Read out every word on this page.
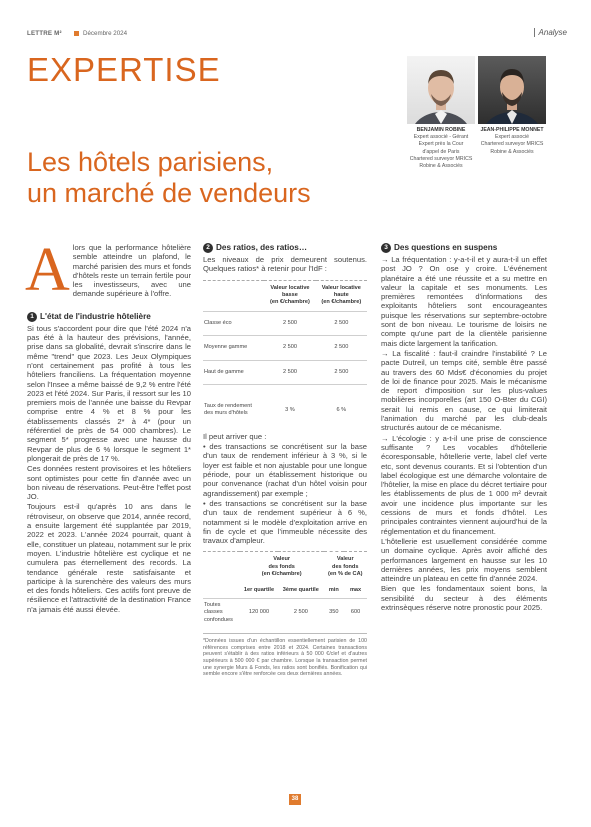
LETTRE M²	Décembre 2024	Analyse
EXPERTISE
Les hôtels parisiens,
un marché de vendeurs
BENJAMIN ROBINE
Expert associé - Gérant
Expert près la Cour
d'appel de Paris
Chartered surveyor MRICS
Robine & Associés
JEAN-PHILIPPE MONNET
Expert associé
Chartered surveyor MRICS
Robine & Associés

Alors que la performance hôtelière semble atteindre un plafond, le marché parisien des murs et fonds d'hôtels reste un terrain fertile pour les investisseurs, avec une demande supérieure à l'offre.

1 L'état de l'industrie hôtelière

Si tous s'accordent pour dire que l'été 2024 n'a pas été à la hauteur des prévisions, l'année, prise dans sa globalité, devrait s'inscrire dans le même "trend" que 2023. Les Jeux Olympiques n'ont certainement pas profité à tous les hôteliers franciliens. La fréquentation moyenne selon l'Insee a même baissé de 9,2 % entre l'été 2023 et l'été 2024. Sur Paris, il ressort sur les 10 premiers mois de l'année une baisse du Revpar comprise entre 4 % et 8 % pour les établissements classés 2* à 4* (pour un référentiel de près de 54 000 chambres). Le segment 5* progresse avec une hausse du Revpar de plus de 6 % lorsque le segment 1* plongerait de près de 17 %.

Ces données restent provisoires et les hôteliers sont optimistes pour cette fin d'année avec un bon niveau de réservations. Peut-être l'effet post JO.

Toujours est-il qu'après 10 ans dans le rétroviseur, on observe que 2014, année record, a ensuite largement été supplantée par 2019, 2022 et 2023. L'année 2024 pourrait, quant à elle, constituer un plateau, notamment sur le prix moyen. L'industrie hôtelière est cyclique et ne cumulera pas éternellement des records. La tendance générale reste satisfaisante et participe à la surenchère des valeurs des murs et des fonds hôteliers. Ces actifs font preuve de résilience et l'attractivité de la destination France n'a jamais été aussi élevée.

2 Des ratios, des ratios…

Les niveaux de prix demeurent soutenus. Quelques ratios* à retenir pour l'IdF :

	Valeur locative
basse
(en €/chambre)	Valeur locative
haute
(en €/chambre)
Classe éco	2 500	2 500
Moyenne gamme	2 500	2 500
Haut de gamme	2 500	2 500
Taux de rendement
des murs d'hôtels	3 %	6 %

Il peut arriver que :

• des transactions se concrétisent sur la base d'un taux de rendement inférieur à 3 %, si le loyer est faible et non ajustable pour une longue période, pour un établissement historique ou pour convenance (rachat d'un hôtel voisin pour agrandissement) par exemple ;

• des transactions se concrétisent sur la base d'un taux de rendement supérieur à 6 %, notamment si le modèle d'exploitation arrive en fin de cycle et que l'immeuble nécessite des travaux d'ampleur.

	Valeur
des fonds
(en €/chambre)		Valeur
des fonds
(en % de CA)	
	1er quartile	3ème quartile	min	max
Toutes
classes
confondues	120 000	2 500	350	600
*Données issues d'un échantillon essentiellement parisien de 100 références comprises entre 2018 et 2024. Certaines transactions peuvent s'établir à des ratios inférieurs à 50 000 €/clef et d'autres supérieurs à 500 000 € par chambre. Lorsque la transaction permet une synergie Murs & Fonds, les ratios sont bonifiés. Bonification qui semble encore s'être renforcée ces deux dernières années.
3 Des questions en suspens

→ La fréquentation : y-a-t-il et y aura-t-il un effet post JO ? On ose y croire. L'événement planétaire a été une réussite et a su mettre en valeur la capitale et ses monuments. Les premières remontées d'informations des exploitants hôteliers sont encourageantes puisque les réservations sur septembre-octobre sont de bon niveau. Le tourisme de loisirs ne compte qu'une part de la clientèle parisienne mais dicte largement la tarification.

→ La fiscalité : faut-il craindre l'instabilité ? Le pacte Dutreil, un temps cité, semble être passé au travers des 60 Mds€ d'économies du projet de loi de finance pour 2025. Mais le mécanisme de report d'imposition sur les plus-values mobilières incorporelles (art 150 O-Bter du CGI) serait lui remis en cause, ce qui limiterait l'animation du marché par les club-deals structurés autour de ce mécanisme.

→ L'écologie : y a-t-il une prise de conscience suffisante ? Les vocables d'hôtellerie écoresponsable, hôtellerie verte, label clef verte etc, sont devenus courants. Et si l'obtention d'un label écologique est une démarche volontaire de l'hôtelier, la mise en place du décret tertiaire pour les établissements de plus de 1 000 m² devrait avoir une incidence plus importante sur les cessions de murs et fonds d'hôtel. Les principales contraintes viennent aujourd'hui de la réglementation et du financement.

L'hôtellerie est usuellement considérée comme un domaine cyclique. Après avoir affiché des performances largement en hausse sur les 10 dernières années, les prix moyens semblent atteindre un plateau en cette fin d'année 2024.

Bien que les fondamentaux soient bons, la sensibilité du secteur à des éléments extrinsèques réserve notre pronostic pour 2025.

38
